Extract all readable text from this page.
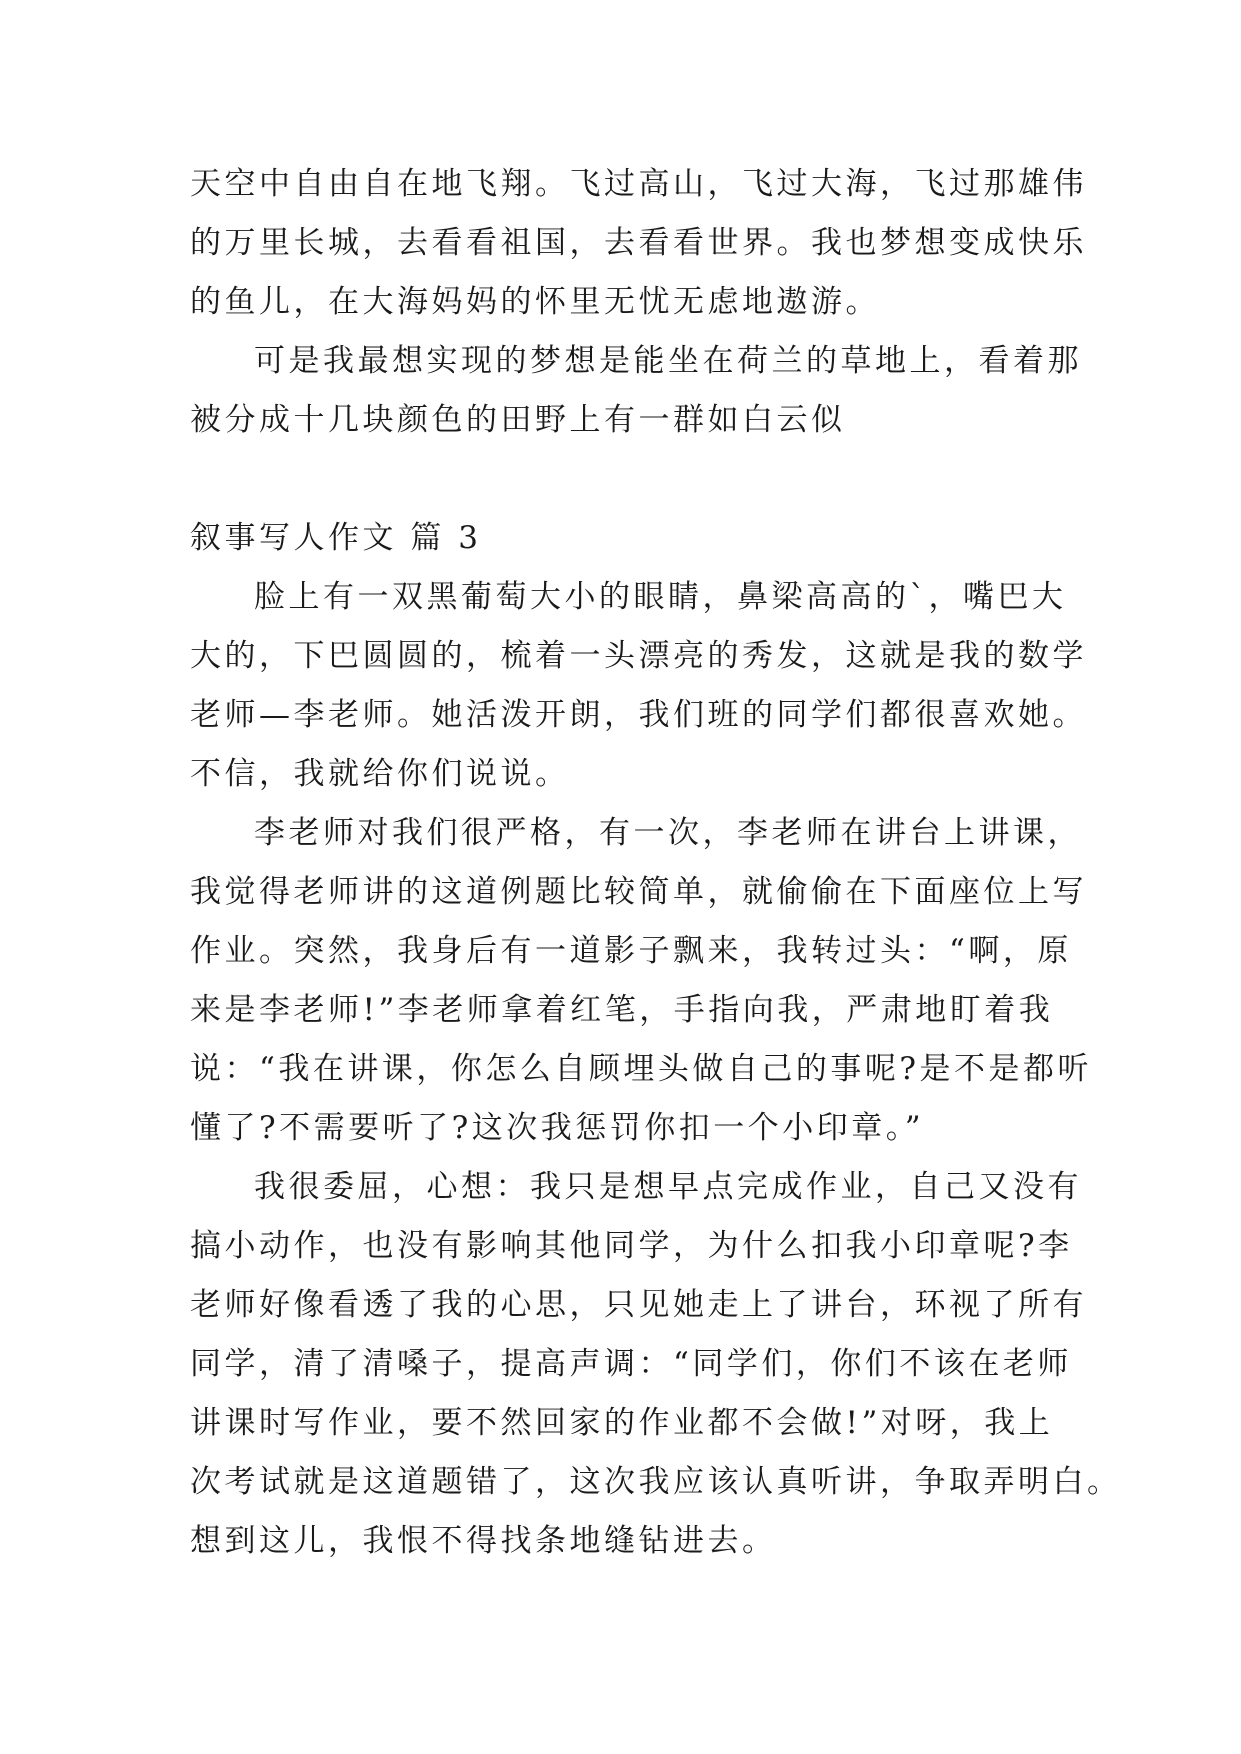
天空中自由自在地飞翔。飞过高山，飞过大海，飞过那雄伟

的万里长城，去看看祖国，去看看世界。我也梦想变成快乐

的鱼儿，在大海妈妈的怀里无忧无虑地遨游。

可是我最想实现的梦想是能坐在荷兰的草地上，看着那

被分成十几块颜色的田野上有一群如白云似

叙事写人作文 篇 3

脸上有一双黑葡萄大小的眼睛，鼻梁高高的`，嘴巴大

大的，下巴圆圆的，梳着一头漂亮的秀发，这就是我的数学

老师—李老师。她活泼开朗，我们班的同学们都很喜欢她。

不信，我就给你们说说。

李老师对我们很严格，有一次，李老师在讲台上讲课，

我觉得老师讲的这道例题比较简单，就偷偷在下面座位上写

作业。突然，我身后有一道影子飘来，我转过头：“啊，原

来是李老师!”李老师拿着红笔，手指向我，严肃地盯着我

说：“我在讲课，你怎么自顾埋头做自己的事呢?是不是都听

懂了?不需要听了?这次我惩罚你扣一个小印章。”

我很委屈，心想：我只是想早点完成作业，自己又没有

搞小动作，也没有影响其他同学，为什么扣我小印章呢?李

老师好像看透了我的心思，只见她走上了讲台，环视了所有

同学，清了清嗓子，提高声调：“同学们，你们不该在老师

讲课时写作业，要不然回家的作业都不会做!”对呀，我上

次考试就是这道题错了，这次我应该认真听讲，争取弄明白。

想到这儿，我恨不得找条地缝钻进去。
